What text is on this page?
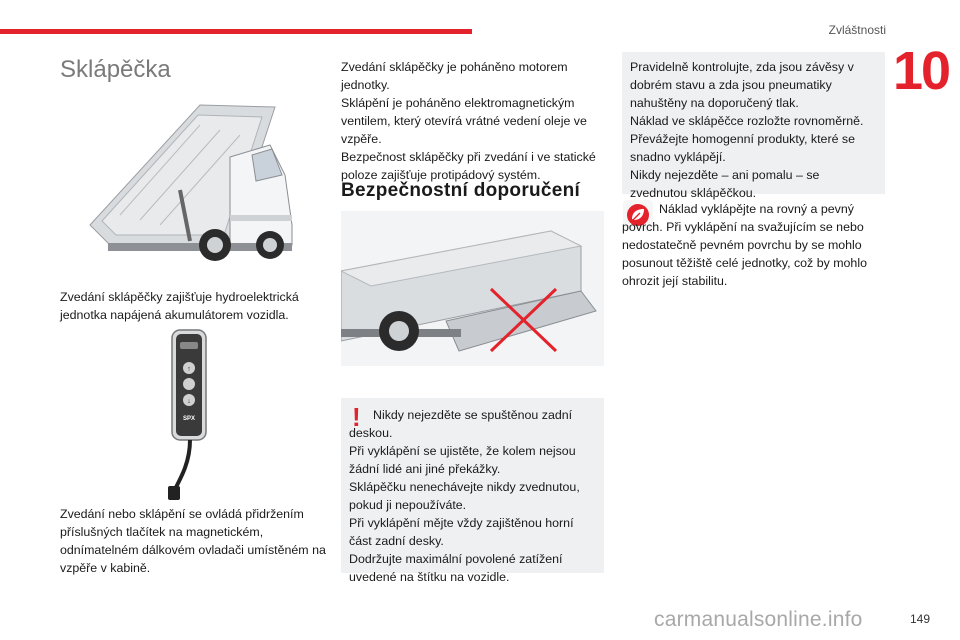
Zvláštnosti
10
Sklápěčka

Zvedání sklápěčky zajišťuje hydroelektrická jednotka napájená akumulátorem vozidla.

↑
↓
SPX

Zvedání nebo sklápění se ovládá přidržením příslušných tlačítek na magnetickém, odnímatelném dálkovém ovladači umístěném na vzpěře v kabině.

Zvedání sklápěčky je poháněno motorem jednotky.
Sklápění je poháněno elektromagnetickým ventilem, který otevírá vrátné vedení oleje ve vzpěře.
Bezpečnost sklápěčky při zvedání i ve statické poloze zajišťuje protipádový systém.

Bezpečnostní doporučení
! Nikdy nejezděte se spuštěnou zadní deskou.
Při vyklápění se ujistěte, že kolem nejsou žádní lidé ani jiné překážky.
Sklápěčku nenechávejte nikdy zvednutou, pokud ji nepoužíváte.
Při vyklápění mějte vždy zajištěnou horní část zadní desky.
Dodržujte maximální povolené zatížení uvedené na štítku na vozidle.

Pravidelně kontrolujte, zda jsou závěsy v dobrém stavu a zda jsou pneumatiky nahuštěny na doporučený tlak.
Náklad ve sklápěčce rozložte rovnoměrně.
Převážejte homogenní produkty, které se snadno vyklápějí.
Nikdy nejezděte – ani pomalu – se zvednutou sklápěčkou.

Náklad vyklápějte na rovný a pevný povrch. Při vyklápění na svažujícím se nebo nedostatečně pevném povrchu by se mohlo posunout těžiště celé jednotky, což by mohlo ohrozit její stabilitu.

carmanualsonline.info	149
